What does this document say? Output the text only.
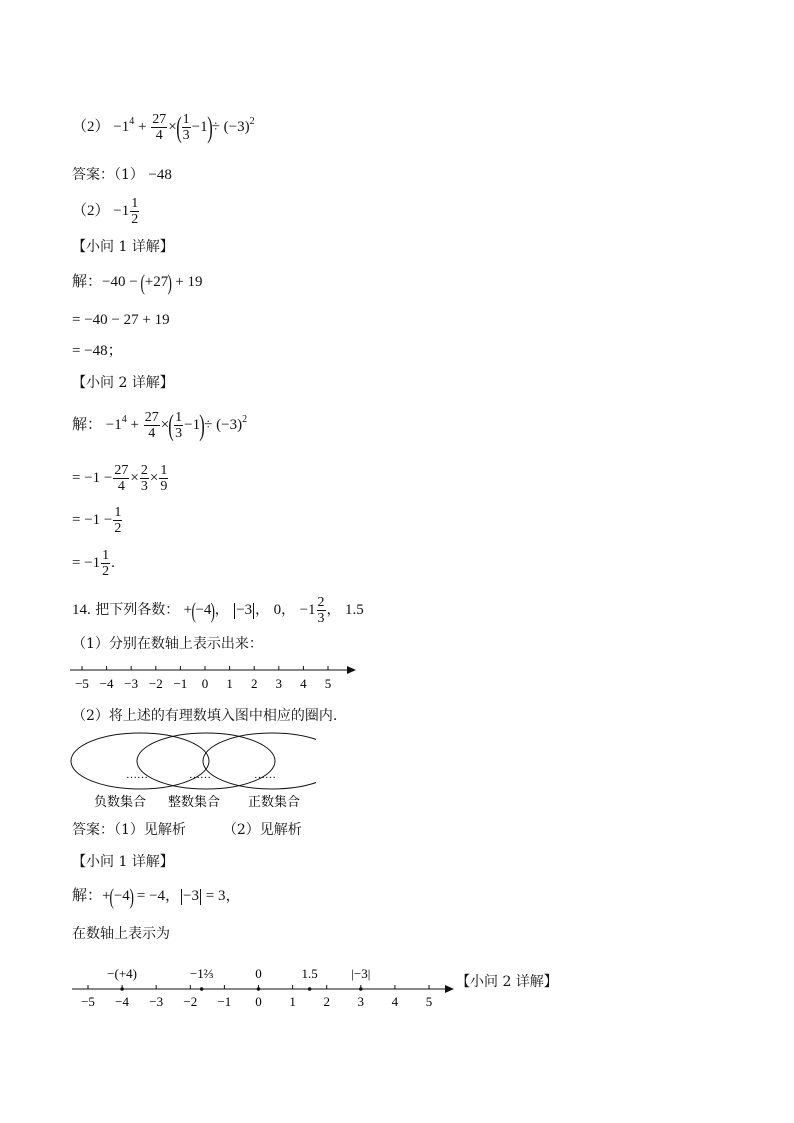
$(2) -1^4 + \frac{27}{4}$ ×( $\frac{1}{3} -1)\div (-3)^2$
答案：（1） −48
$(2) -1 \frac{1}{2}$
【小问 1 详解】
解：−40 − (+27) + 19
= −40 − 27 + 19
= −48；
【小问 2 详解】
解： $-1^4 + \frac{27}{4}$ ×( $\frac{1}{3} -1)\div (-3)^2$
= $-1 - \frac{27}{4} \times \frac{2}{3} \times \frac{1}{9}$
= $-1 - \frac{1}{2}$
= $-1 \frac{1}{2}$ .
14. 把下列各数： +(−4)， −3 ， 0， $-1 \frac{2}{3}$ ， 1.5
（1）分别在数轴上表示出来：
−5 −4 −3 −2 −1 0 1 2 3 4 5
（2）将上述的有理数填入图中相应的圈内.
……	……	……
负数集合 整数集合 正数集合
答案：（1）见解析	（2）见解析
【小问 1 详解】
解：+(−4) = −4， −3 = 3，
在数轴上表示为
−5 −4 −3 −2 −1 0 1 2 3 4 5
−(+4)	−1⅔	0	1.5	|−3|
【小问 2 详解】
